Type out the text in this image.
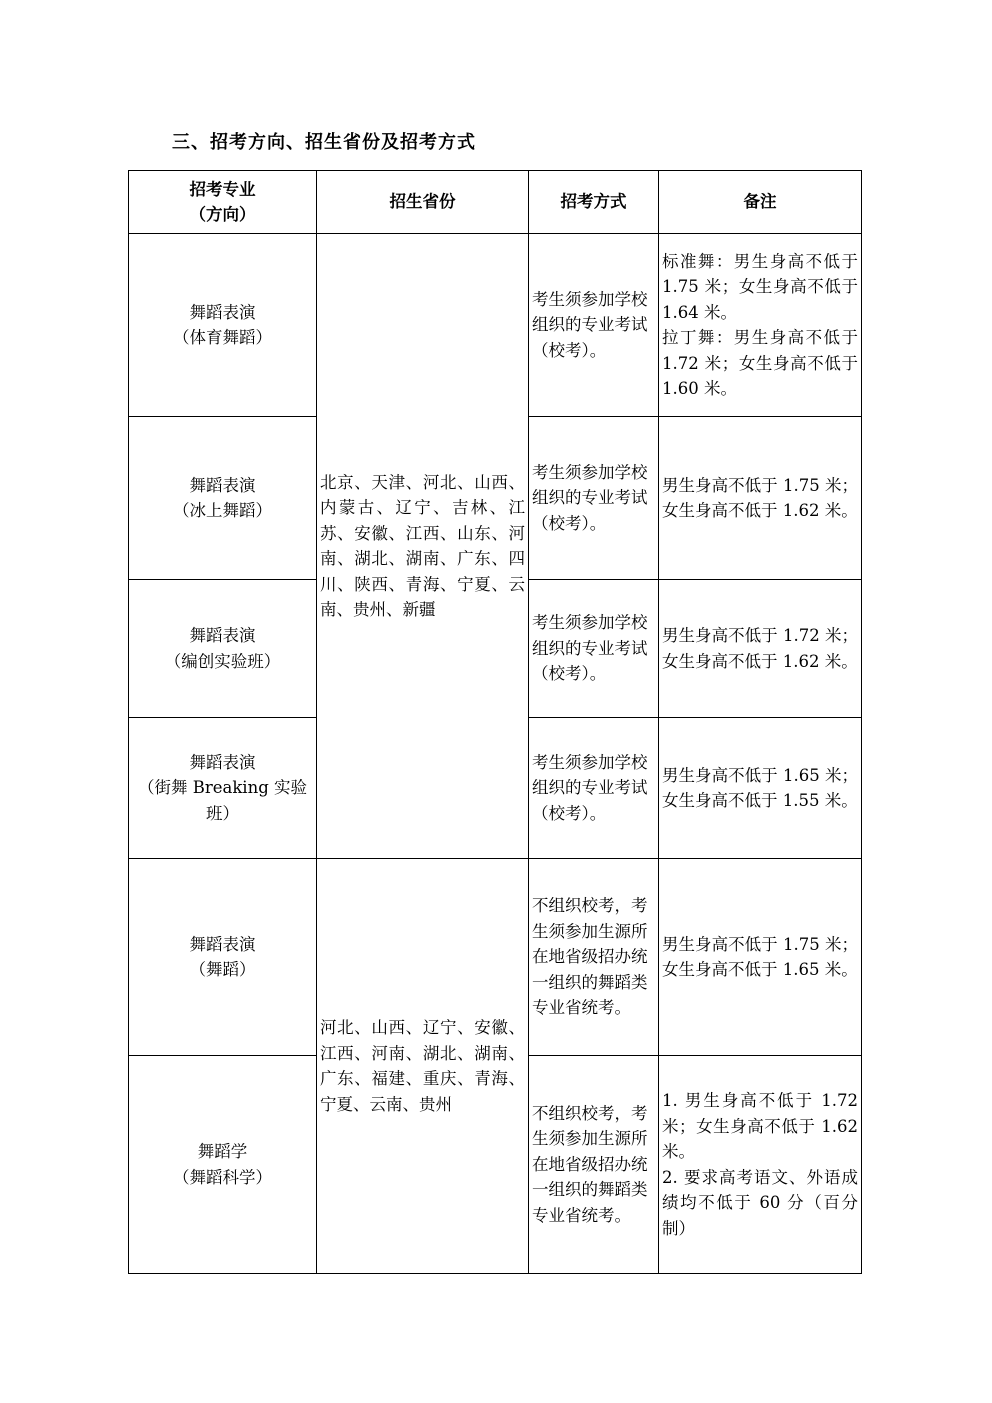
三、招考方向、招生省份及招考方式
招考专业
（方向）	招生省份	招考方式	备注

舞蹈表演
（体育舞蹈）	北京、天津、河北、山西、内蒙古、辽宁、吉林、江苏、安徽、江西、山东、河南、湖北、湖南、广东、四川、陕西、青海、宁夏、云南、贵州、新疆	考生须参加学校组织的专业考试（校考）。	标准舞：男生身高不低于 1.75 米；女生身高不低于 1.64 米。
拉丁舞：男生身高不低于 1.72 米；女生身高不低于 1.60 米。

舞蹈表演
（冰上舞蹈）		考生须参加学校组织的专业考试（校考）。	男生身高不低于 1.75 米；女生身高不低于 1.62 米。

舞蹈表演
（编创实验班）		考生须参加学校组织的专业考试（校考）。	男生身高不低于 1.72 米；女生身高不低于 1.62 米。

舞蹈表演
（街舞 Breaking 实验班）		考生须参加学校组织的专业考试（校考）。	男生身高不低于 1.65 米；女生身高不低于 1.55 米。

舞蹈表演
（舞蹈）	河北、山西、辽宁、安徽、江西、河南、湖北、湖南、广东、福建、重庆、青海、宁夏、云南、贵州	不组织校考，考生须参加生源所在地省级招办统一组织的舞蹈类专业省统考。	男生身高不低于 1.75 米；女生身高不低于 1.65 米。

舞蹈学
（舞蹈科学）		不组织校考，考生须参加生源所在地省级招办统一组织的舞蹈类专业省统考。	1. 男生身高不低于 1.72 米；女生身高不低于 1.62 米。
2. 要求高考语文、外语成绩均不低于 60 分（百分制）
